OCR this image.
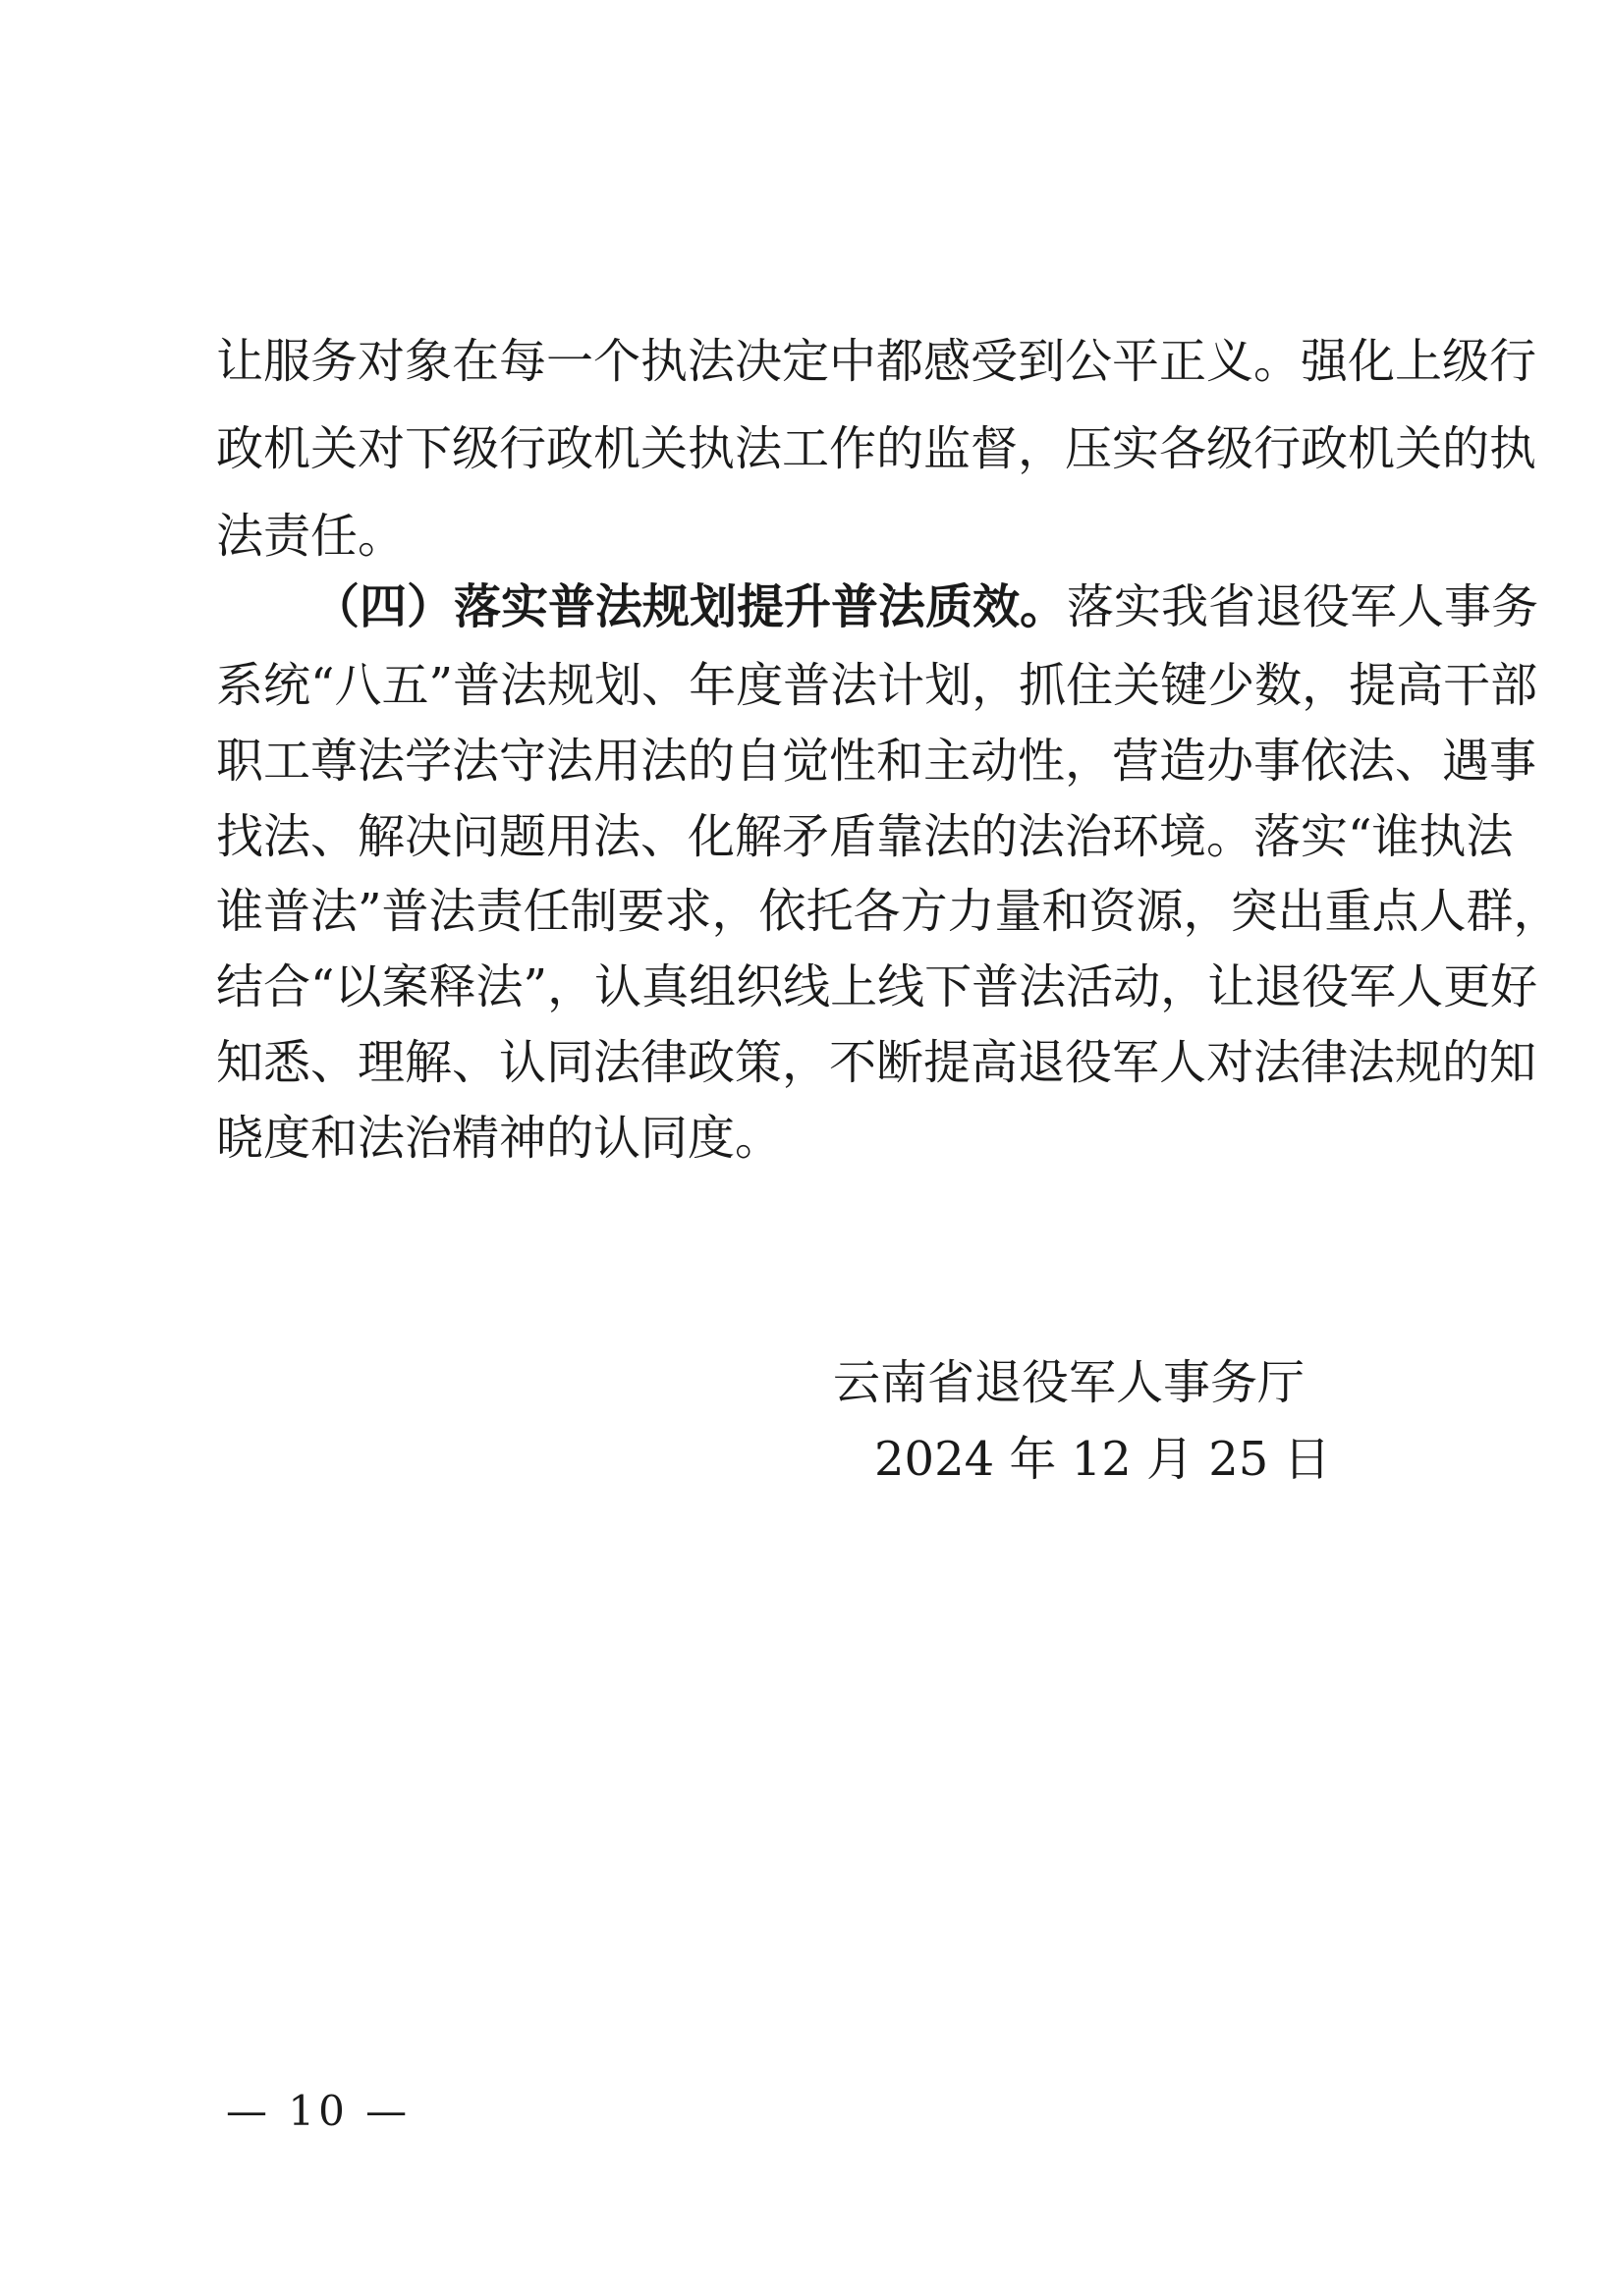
让服务对象在每一个执法决定中都感受到公平正义。强化上级行
政机关对下级行政机关执法工作的监督，压实各级行政机关的执
法责任。
（四）落实普法规划提升普法质效。落实我省退役军人事务
系统“八五”普法规划、年度普法计划，抓住关键少数，提高干部
职工尊法学法守法用法的自觉性和主动性，营造办事依法、遇事
找法、解决问题用法、化解矛盾靠法的法治环境。落实“谁执法
谁普法”普法责任制要求，依托各方力量和资源，突出重点人群，
结合“以案释法”，认真组织线上线下普法活动，让退役军人更好
知悉、理解、认同法律政策，不断提高退役军人对法律法规的知
晓度和法治精神的认同度。
云南省退役军人事务厅
2024 年 12 月 25 日
— 10 —
